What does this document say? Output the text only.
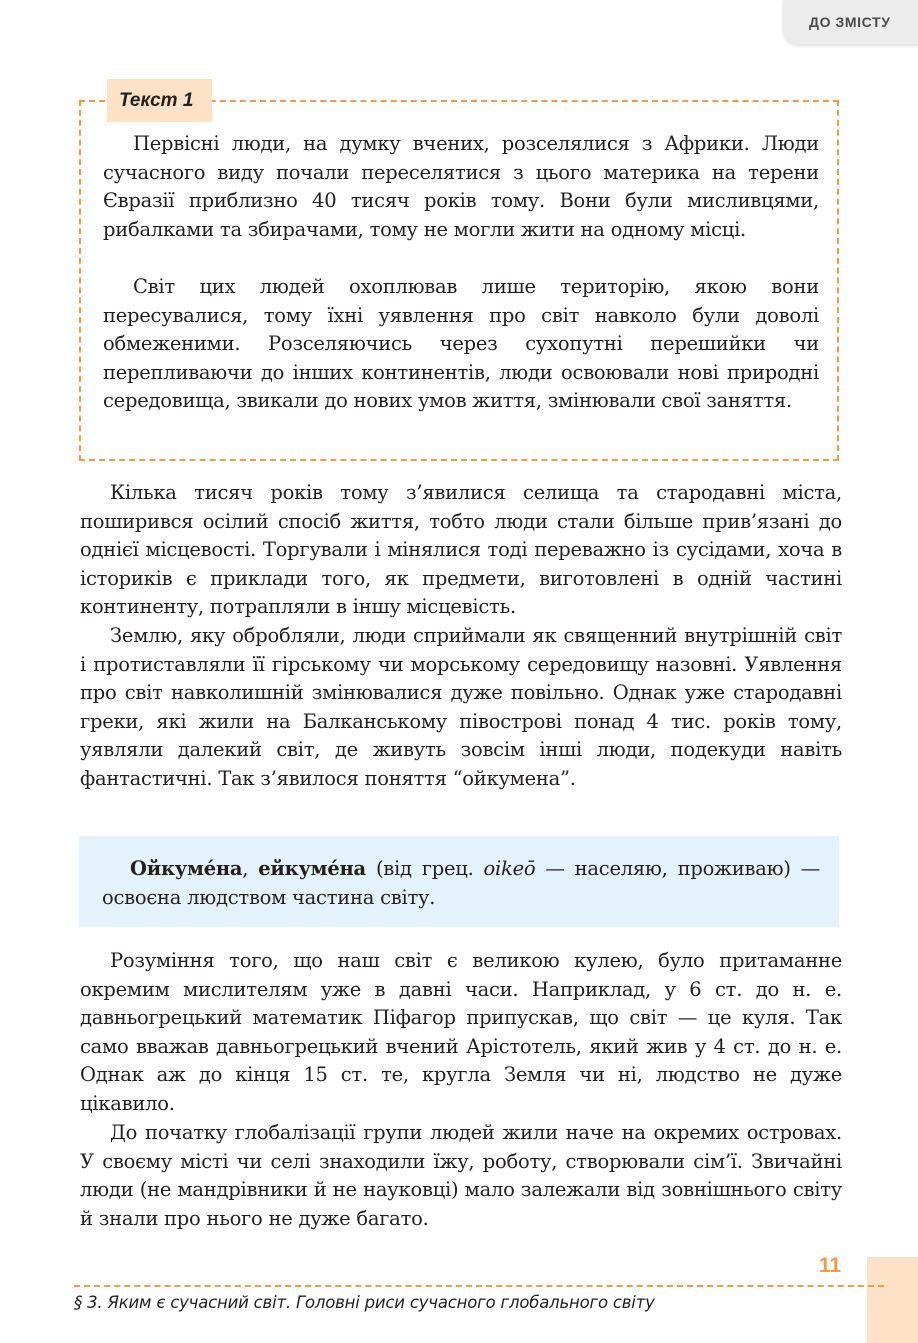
ДО ЗМІСТУ
Текст 1

Первісні люди, на думку вчених, розселялися з Африки. Люди сучасного виду почали переселятися з цього материка на терени Євразії приблизно 40 тисяч років тому. Вони були мисливцями, рибалками та збирачами, тому не могли жити на одному місці.

Світ цих людей охоплював лише територію, якою вони пересувалися, тому їхні уявлення про світ навколо були доволі обмеженими. Розселяючись через сухопутні перешийки чи перепливаючи до інших континентів, люди освоювали нові природні середовища, звикали до нових умов життя, змінювали свої заняття.

Кілька тисяч років тому з’явилися селища та стародавні міста, поширився осілий спосіб життя, тобто люди стали більше прив’язані до однієї місцевості. Торгували і мінялися тоді переважно із сусідами, хоча в істориків є приклади того, як предмети, виготовлені в одній частині континенту, потрапляли в іншу місцевість.

Землю, яку обробляли, люди сприймали як священний внутрішній світ і протиставляли її гірському чи морському середовищу назовні. Уявлення про світ навколишній змінювалися дуже повільно. Однак уже стародавні греки, які жили на Балканському півострові понад 4 тис. років тому, уявляли далекий світ, де живуть зовсім інші люди, подекуди навіть фантастичні. Так з’явилося поняття “ойкумена”.

Ойкуме́на, ейкуме́на (від грец. oikeō — населяю, проживаю) — освоєна людством частина світу.

Розуміння того, що наш світ є великою кулею, було притаманне окремим мислителям уже в давні часи. Наприклад, у 6 ст. до н. е. давньогрецький математик Піфагор припускав, що світ — це куля. Так само вважав давньогрецький вчений Арістотель, який жив у 4 ст. до н. е. Однак аж до кінця 15 ст. те, кругла Земля чи ні, людство не дуже цікавило.

До початку глобалізації групи людей жили наче на окремих островах. У своєму місті чи селі знаходили їжу, роботу, створювали сім’ї. Звичайні люди (не мандрівники й не науковці) мало залежали від зовнішнього світу й знали про нього не дуже багато.

11
§ 3. Яким є сучасний світ. Головні риси сучасного глобального світу
